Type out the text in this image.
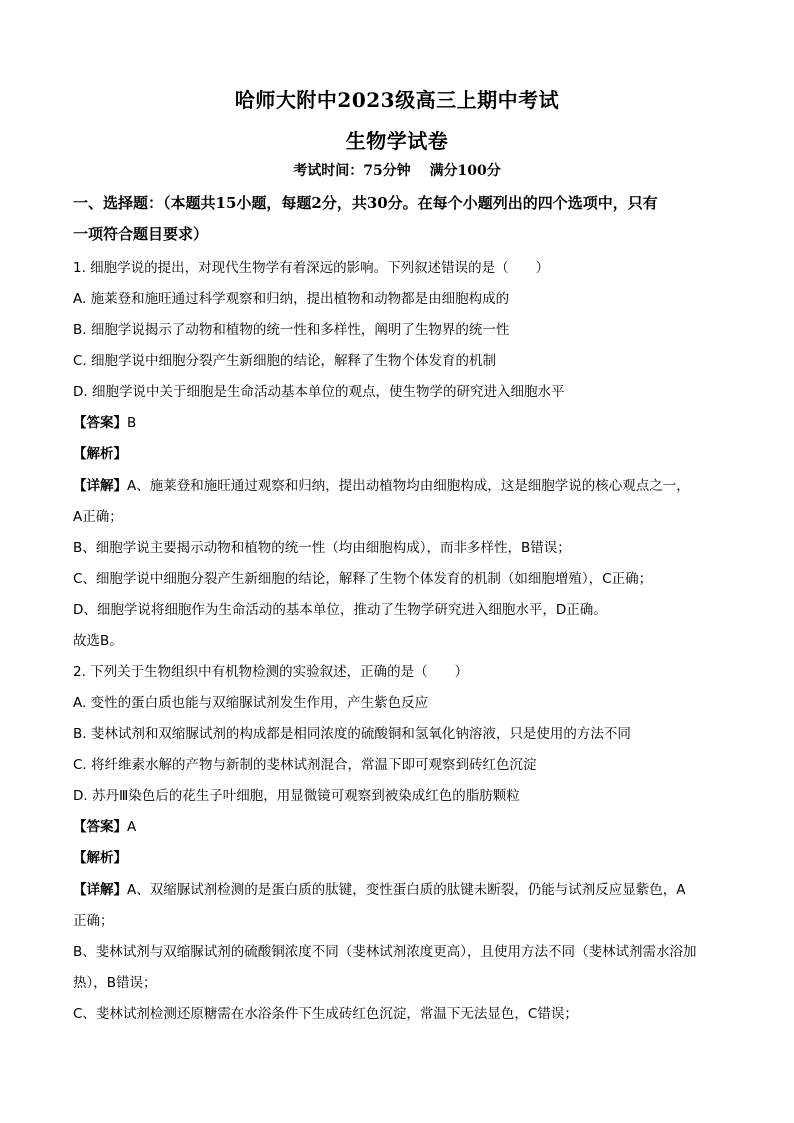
哈师大附中2023级高三上期中考试
生物学试卷
考试时间：75分钟 满分100分
一、选择题：（本题共15小题，每题2分，共30分。在每个小题列出的四个选项中，只有
一项符合题目要求）
1. 细胞学说的提出，对现代生物学有着深远的影响。下列叙述错误的是（　　）
A. 施莱登和施旺通过科学观察和归纳，提出植物和动物都是由细胞构成的
B. 细胞学说揭示了动物和植物的统一性和多样性，阐明了生物界的统一性
C. 细胞学说中细胞分裂产生新细胞的结论，解释了生物个体发育的机制
D. 细胞学说中关于细胞是生命活动基本单位的观点，使生物学的研究进入细胞水平
【答案】B
【解析】
【详解】A、施莱登和施旺通过观察和归纳，提出动植物均由细胞构成，这是细胞学说的核心观点之一，
A正确；
B、细胞学说主要揭示动物和植物的统一性（均由细胞构成），而非多样性，B错误；
C、细胞学说中细胞分裂产生新细胞的结论，解释了生物个体发育的机制（如细胞增殖），C正确；
D、细胞学说将细胞作为生命活动的基本单位，推动了生物学研究进入细胞水平，D正确。
故选B。
2. 下列关于生物组织中有机物检测的实验叙述，正确的是（　　）
A. 变性的蛋白质也能与双缩脲试剂发生作用，产生紫色反应
B. 斐林试剂和双缩脲试剂的构成都是相同浓度的硫酸铜和氢氧化钠溶液，只是使用的方法不同
C. 将纤维素水解的产物与新制的斐林试剂混合，常温下即可观察到砖红色沉淀
D. 苏丹Ⅲ染色后的花生子叶细胞，用显微镜可观察到被染成红色的脂肪颗粒
【答案】A
【解析】
【详解】A、双缩脲试剂检测的是蛋白质的肽键，变性蛋白质的肽键未断裂，仍能与试剂反应显紫色，A
正确；
B、斐林试剂与双缩脲试剂的硫酸铜浓度不同（斐林试剂浓度更高），且使用方法不同（斐林试剂需水浴加
热），B错误；
C、斐林试剂检测还原糖需在水浴条件下生成砖红色沉淀，常温下无法显色，C错误；
